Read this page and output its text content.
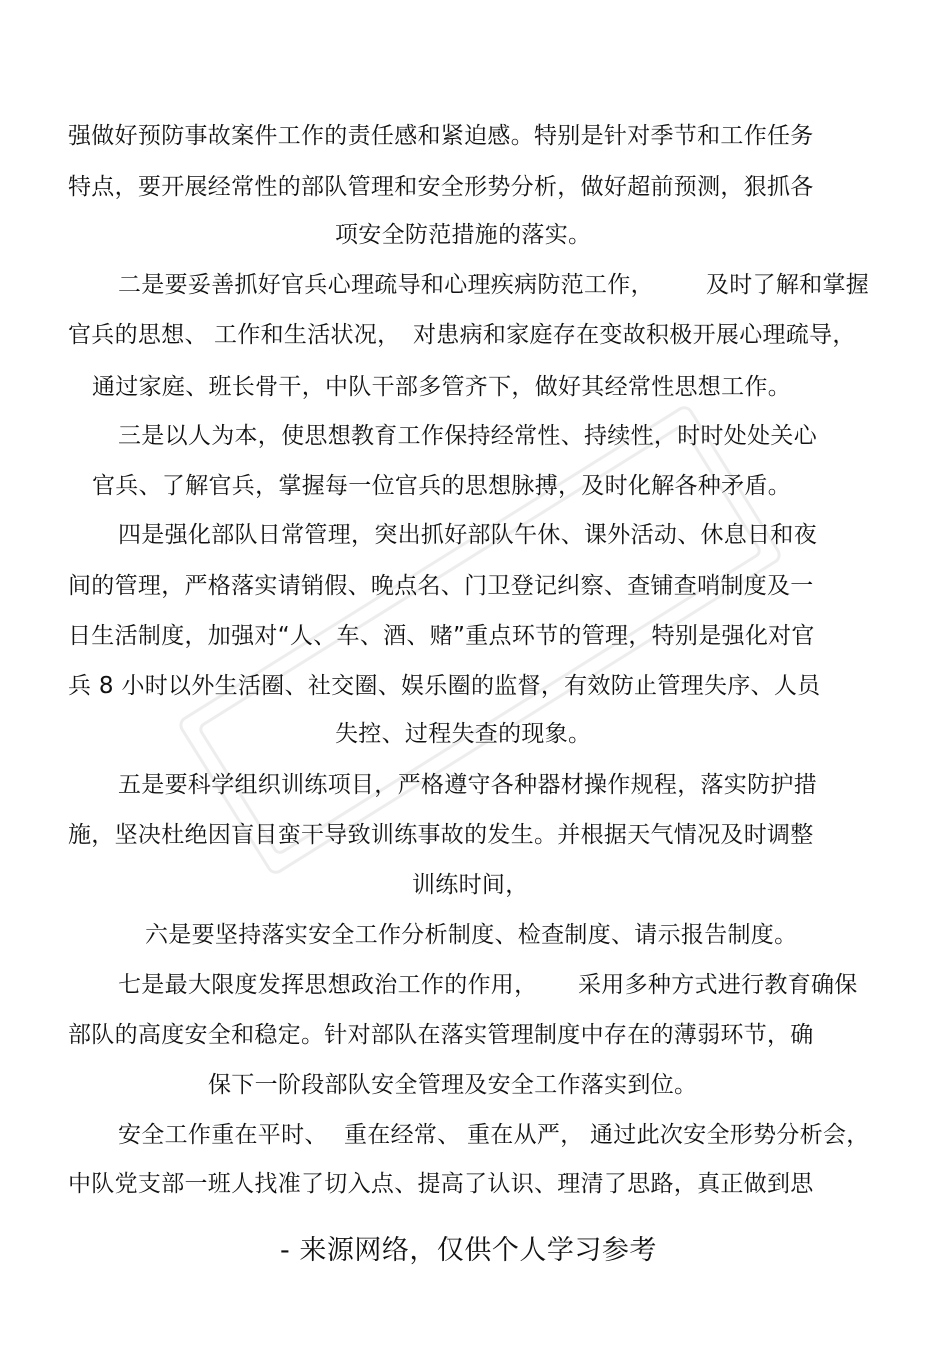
强做好预防事故案件工作的责任感和紧迫感。特别是针对季节和工作任务
特点，要开展经常性的部队管理和安全形势分析，做好超前预测，狠抓各
项安全防范措施的落实。
二是要妥善抓好官兵心理疏导和心理疾病防范工作， 及时了解和掌握
官兵的思想、 工作和生活状况， 对患病和家庭存在变故积极开展心理疏导，
通过家庭、班长骨干，中队干部多管齐下，做好其经常性思想工作。
三是以人为本，使思想教育工作保持经常性、持续性，时时处处关心
官兵、了解官兵，掌握每一位官兵的思想脉搏，及时化解各种矛盾。
四是强化部队日常管理，突出抓好部队午休、课外活动、休息日和夜
间的管理，严格落实请销假、晚点名、门卫登记纠察、查铺查哨制度及一
日生活制度，加强对“人、车、酒、赌”重点环节的管理，特别是强化对官
兵 8 小时以外生活圈、社交圈、娱乐圈的监督，有效防止管理失序、人员
失控、过程失查的现象。
五是要科学组织训练项目，严格遵守各种器材操作规程，落实防护措
施，坚决杜绝因盲目蛮干导致训练事故的发生。并根据天气情况及时调整
训练时间，
六是要坚持落实安全工作分析制度、检查制度、请示报告制度。
七是最大限度发挥思想政治工作的作用， 采用多种方式进行教育确保
部队的高度安全和稳定。针对部队在落实管理制度中存在的薄弱环节，确
保下一阶段部队安全管理及安全工作落实到位。
安全工作重在平时、 重在经常、 重在从严， 通过此次安全形势分析会，
中队党支部一班人找准了切入点、提高了认识、理清了思路，真正做到思
- 来源网络，仅供个人学习参考
